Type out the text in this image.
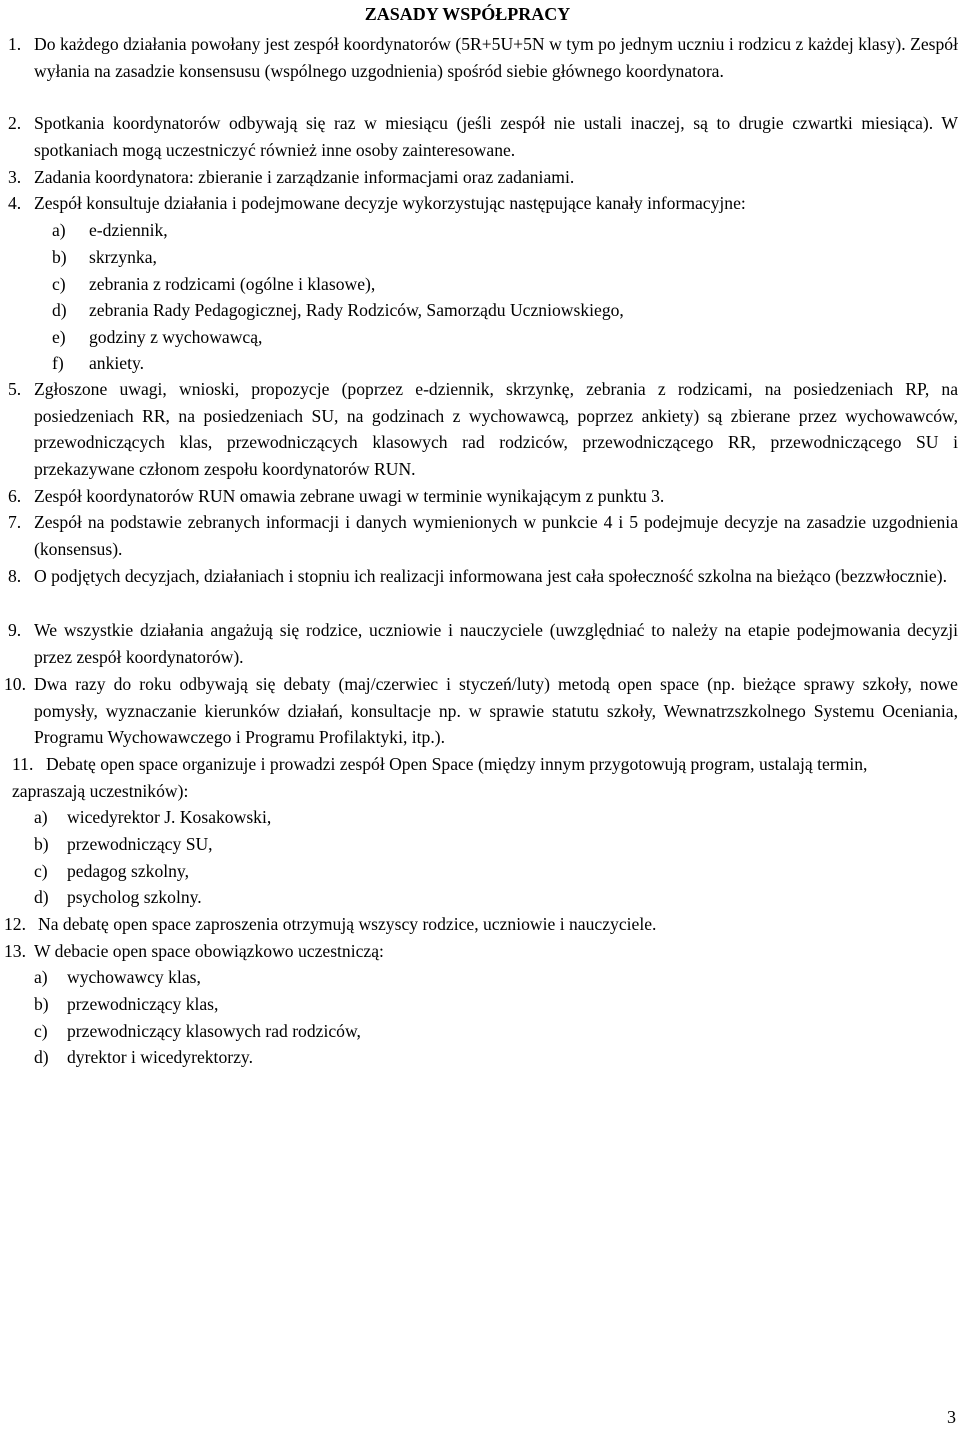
ZASADY WSPÓŁPRACY

1. Do każdego działania powołany jest zespół koordynatorów (5R+5U+5N w tym po jednym uczniu i rodzicu z każdej klasy). Zespół wyłania na zasadzie konsensusu (wspólnego uzgodnienia) spośród siebie głównego koordynatora.

2. Spotkania koordynatorów odbywają się raz w miesiącu (jeśli zespół nie ustali inaczej, są to drugie czwartki miesiąca). W spotkaniach mogą uczestniczyć również inne osoby zainteresowane.

3. Zadania koordynatora: zbieranie i zarządzanie informacjami oraz zadaniami.

4. Zespół konsultuje działania i podejmowane decyzje wykorzystując następujące kanały informacyjne:

a) e-dziennik,
b) skrzynka,
c) zebrania z rodzicami (ogólne i klasowe),
d) zebrania Rady Pedagogicznej, Rady Rodziców, Samorządu Uczniowskiego,
e) godziny z wychowawcą,
f) ankiety.

5. Zgłoszone uwagi, wnioski, propozycje (poprzez e-dziennik, skrzynkę, zebrania z rodzicami, na posiedzeniach RP, na posiedzeniach RR, na posiedzeniach SU, na godzinach z wychowawcą, poprzez ankiety) są zbierane przez wychowawców, przewodniczących klas, przewodniczących klasowych rad rodziców, przewodniczącego RR, przewodniczącego SU i przekazywane członom zespołu koordynatorów RUN.

6. Zespół koordynatorów RUN omawia zebrane uwagi w terminie wynikającym z punktu 3.

7. Zespół na podstawie zebranych informacji i danych wymienionych w punkcie 4 i 5 podejmuje decyzje na zasadzie uzgodnienia (konsensus).

8. O podjętych decyzjach, działaniach i stopniu ich realizacji informowana jest cała społeczność szkolna na bieżąco (bezzwłocznie).

9. We wszystkie działania angażują się rodzice, uczniowie i nauczyciele (uwzględniać to należy na etapie podejmowania decyzji przez zespół koordynatorów).

10. Dwa razy do roku odbywają się debaty (maj/czerwiec i styczeń/luty) metodą open space (np. bieżące sprawy szkoły, nowe pomysły, wyznaczanie kierunków działań, konsultacje np. w sprawie statutu szkoły, Wewnatrzszkolnego Systemu Oceniania, Programu Wychowawczego i Programu Profilaktyki, itp.).

11. Debatę open space organizuje i prowadzi zespół Open Space (między innym przygotowują program, ustalają termin, zapraszają uczestników):

a) wicedyrektor J. Kosakowski,
b) przewodniczący SU,
c) pedagog szkolny,
d) psycholog szkolny.

12. Na debatę open space zaproszenia otrzymują wszyscy rodzice, uczniowie i nauczyciele.

13. W debacie open space obowiązkowo uczestniczą:

a) wychowawcy klas,
b) przewodniczący klas,
c) przewodniczący klasowych rad rodziców,
d) dyrektor i wicedyrektorzy.
3
